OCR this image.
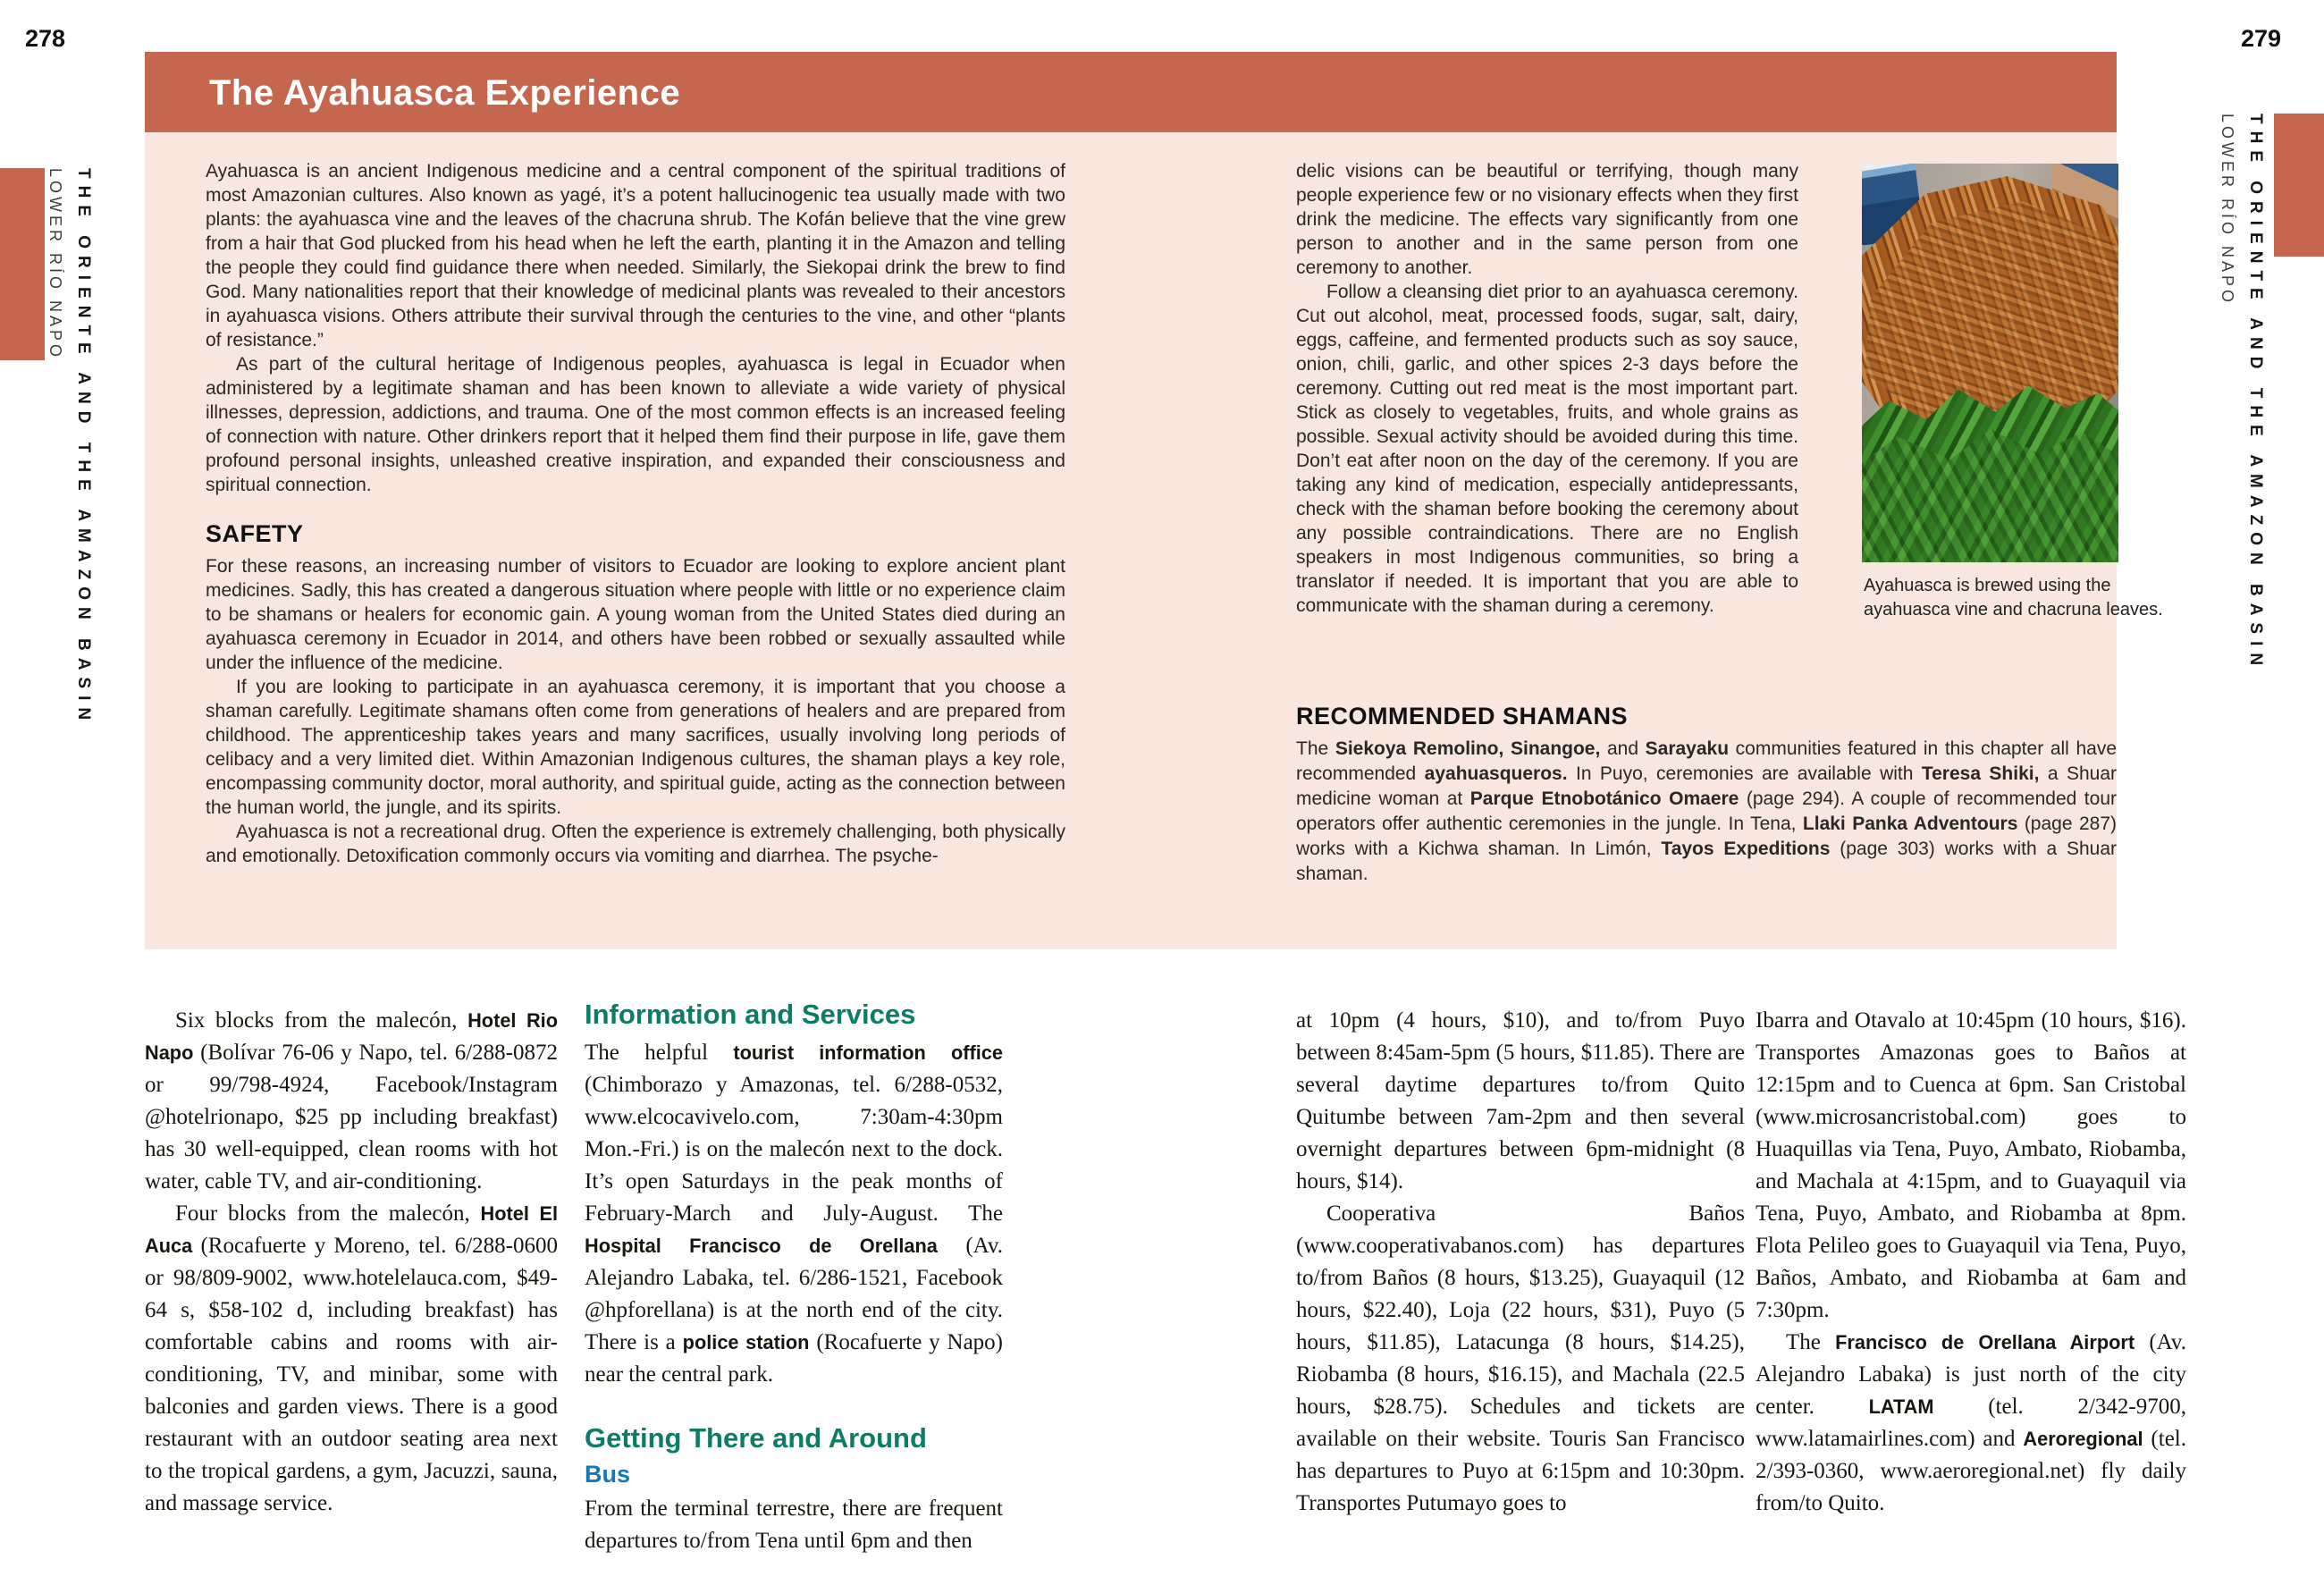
278	279
THE ORIENTE AND THE AMAZON BASIN
LOWER RÍO NAPO	THE ORIENTE AND THE AMAZON BASIN
LOWER RÍO NAPO
The Ayahuasca Experience

Ayahuasca is an ancient Indigenous medicine and a central component of the spiritual traditions of most Amazonian cultures. Also known as yagé, it’s a potent hallucinogenic tea usually made with two plants: the ayahuasca vine and the leaves of the chacruna shrub. The Kofán believe that the vine grew from a hair that God plucked from his head when he left the earth, planting it in the Amazon and telling the people they could find guidance there when needed. Similarly, the Siekopai drink the brew to find God. Many nationalities report that their knowledge of medicinal plants was revealed to their ancestors in ayahuasca visions. Others attribute their survival through the centuries to the vine, and other “plants of resistance.”

As part of the cultural heritage of Indigenous peoples, ayahuasca is legal in Ecuador when administered by a legitimate shaman and has been known to alleviate a wide variety of physical illnesses, depression, addictions, and trauma. One of the most common effects is an increased feeling of connection with nature. Other drinkers report that it helped them find their purpose in life, gave them profound personal insights, unleashed creative inspiration, and expanded their consciousness and spiritual connection.

SAFETY

For these reasons, an increasing number of visitors to Ecuador are looking to explore ancient plant medicines. Sadly, this has created a dangerous situation where people with little or no experience claim to be shamans or healers for economic gain. A young woman from the United States died during an ayahuasca ceremony in Ecuador in 2014, and others have been robbed or sexually assaulted while under the influence of the medicine.

If you are looking to participate in an ayahuasca ceremony, it is important that you choose a shaman carefully. Legitimate shamans often come from generations of healers and are prepared from childhood. The apprenticeship takes years and many sacrifices, usually involving long periods of celibacy and a very limited diet. Within Amazonian Indigenous cultures, the shaman plays a key role, encompassing community doctor, moral authority, and spiritual guide, acting as the connection between the human world, the jungle, and its spirits.

Ayahuasca is not a recreational drug. Often the experience is extremely challenging, both physically and emotionally. Detoxification commonly occurs via vomiting and diarrhea. The psyche-

delic visions can be beautiful or terrifying, though many people experience few or no visionary effects when they first drink the medicine. The effects vary significantly from one person to another and in the same person from one ceremony to another.

Follow a cleansing diet prior to an ayahuasca ceremony. Cut out alcohol, meat, processed foods, sugar, salt, dairy, eggs, caffeine, and fermented products such as soy sauce, onion, chili, garlic, and other spices 2-3 days before the ceremony. Cutting out red meat is the most important part. Stick as closely to vegetables, fruits, and whole grains as possible. Sexual activity should be avoided during this time. Don’t eat after noon on the day of the ceremony. If you are taking any kind of medication, especially antidepressants, check with the shaman before booking the ceremony about any possible contraindications. There are no English speakers in most Indigenous communities, so bring a translator if needed. It is important that you are able to communicate with the shaman during a ceremony.

RECOMMENDED SHAMANS

The Siekoya Remolino, Sinangoe, and Sarayaku communities featured in this chapter all have recommended ayahuasqueros. In Puyo, ceremonies are available with Teresa Shiki, a Shuar medicine woman at Parque Etnobotánico Omaere (page 294). A couple of recommended tour operators offer authentic ceremonies in the jungle. In Tena, Llaki Panka Adventours (page 287) works with a Kichwa shaman. In Limón, Tayos Expeditions (page 303) works with a Shuar shaman.

Ayahuasca is brewed using the ayahuasca vine and chacruna leaves.

Six blocks from the malecón, Hotel Rio Napo (Bolívar 76-06 y Napo, tel. 6/288-0872 or 99/798-4924, Facebook/Instagram @hotelrionapo, $25 pp including breakfast) has 30 well-equipped, clean rooms with hot water, cable TV, and air-conditioning.

Four blocks from the malecón, Hotel El Auca (Rocafuerte y Moreno, tel. 6/288-0600 or 98/809-9002, www.hotelelauca.com, $49-64 s, $58-102 d, including breakfast) has comfortable cabins and rooms with air-conditioning, TV, and minibar, some with balconies and garden views. There is a good restaurant with an outdoor seating area next to the tropical gardens, a gym, Jacuzzi, sauna, and massage service.

Information and Services

The helpful tourist information office (Chimborazo y Amazonas, tel. 6/288-0532, www.elcocavivelo.com, 7:30am-4:30pm Mon.-Fri.) is on the malecón next to the dock. It’s open Saturdays in the peak months of February-March and July-August. The Hospital Francisco de Orellana (Av. Alejandro Labaka, tel. 6/286-1521, Facebook @hpforellana) is at the north end of the city. There is a police station (Rocafuerte y Napo) near the central park.

Getting There and Around
Bus

From the terminal terrestre, there are frequent departures to/from Tena until 6pm and then

at 10pm (4 hours, $10), and to/from Puyo between 8:45am-5pm (5 hours, $11.85). There are several daytime departures to/from Quito Quitumbe between 7am-2pm and then several overnight departures between 6pm-midnight (8 hours, $14).

Cooperativa Baños (www.cooperativabanos.com) has departures to/from Baños (8 hours, $13.25), Guayaquil (12 hours, $22.40), Loja (22 hours, $31), Puyo (5 hours, $11.85), Latacunga (8 hours, $14.25), Riobamba (8 hours, $16.15), and Machala (22.5 hours, $28.75). Schedules and tickets are available on their website. Touris San Francisco has departures to Puyo at 6:15pm and 10:30pm. Transportes Putumayo goes to

Ibarra and Otavalo at 10:45pm (10 hours, $16). Transportes Amazonas goes to Baños at 12:15pm and to Cuenca at 6pm. San Cristobal (www.microsancristobal.com) goes to Huaquillas via Tena, Puyo, Ambato, Riobamba, and Machala at 4:15pm, and to Guayaquil via Tena, Puyo, Ambato, and Riobamba at 8pm. Flota Pelileo goes to Guayaquil via Tena, Puyo, Baños, Ambato, and Riobamba at 6am and 7:30pm.

The Francisco de Orellana Airport (Av. Alejandro Labaka) is just north of the city center. LATAM (tel. 2/342-9700, www.latamairlines.com) and Aeroregional (tel. 2/393-0360, www.aeroregional.net) fly daily from/to Quito.
